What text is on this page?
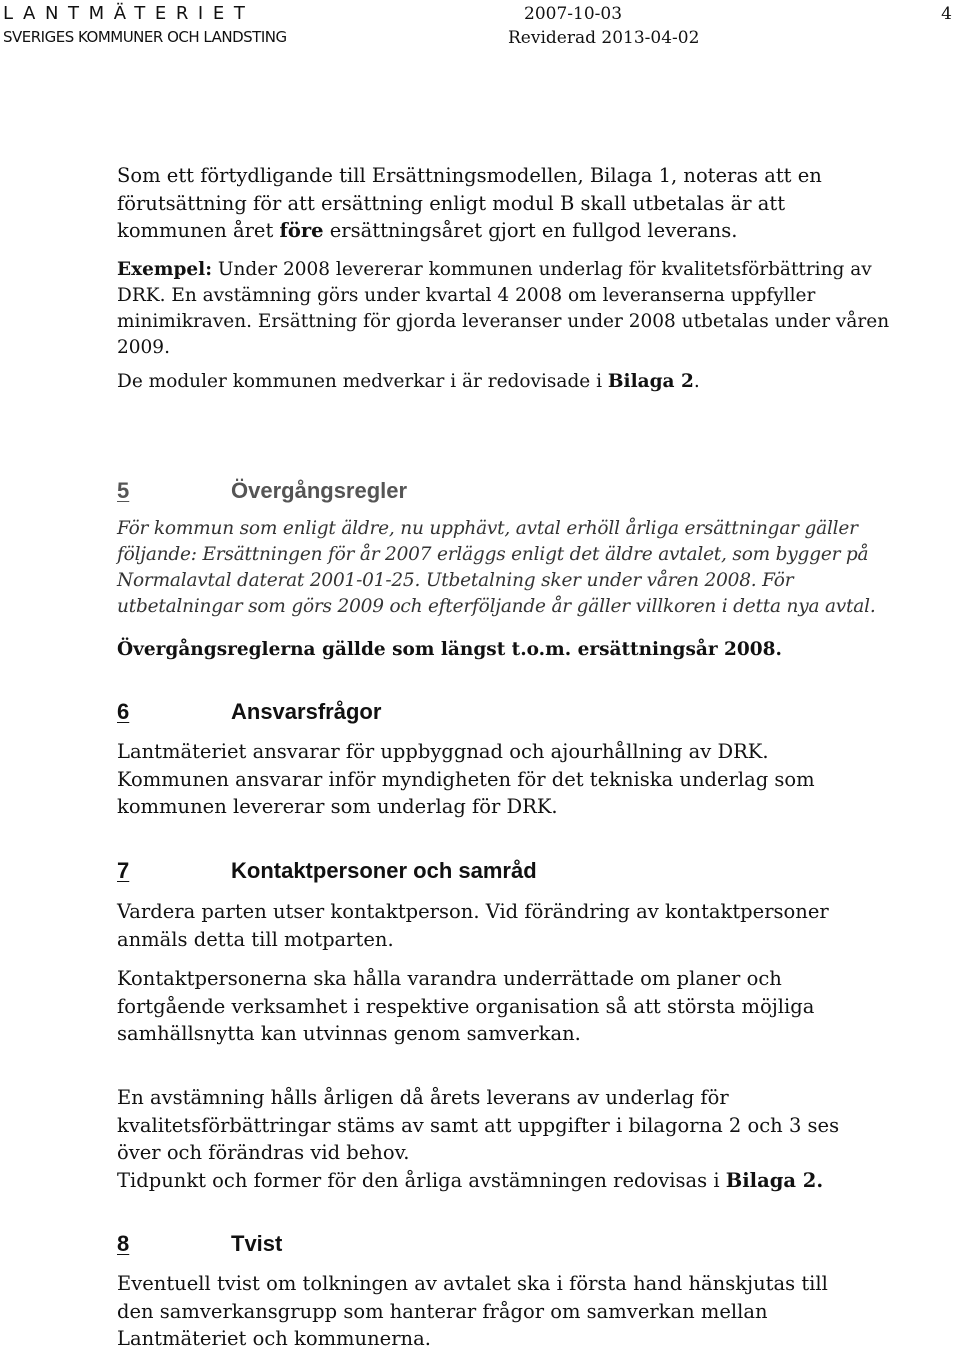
LANTMÄTERIET
SVERIGES KOMMUNER OCH LANDSTING
2007-10-03
Reviderad 2013-04-02
4
Som ett förtydligande till Ersättningsmodellen, Bilaga 1, noteras att en
förutsättning för att ersättning enligt modul B skall utbetalas är att
kommunen året före ersättningsåret gjort en fullgod leverans.
Exempel: Under 2008 levererar kommunen underlag för kvalitetsförbättring av
DRK. En avstämning görs under kvartal 4 2008 om leveranserna uppfyller
minimikraven. Ersättning för gjorda leveranser under 2008 utbetalas under våren
2009.
De moduler kommunen medverkar i är redovisade i Bilaga 2.
5	Övergångsregler
För kommun som enligt äldre, nu upphävt, avtal erhöll årliga ersättningar gäller
följande: Ersättningen för år 2007 erläggs enligt det äldre avtalet, som bygger på
Normalavtal daterat 2001-01-25. Utbetalning sker under våren 2008. För
utbetalningar som görs 2009 och efterföljande år gäller villkoren i detta nya avtal.
Övergångsreglerna gällde som längst t.o.m. ersättningsår 2008.
6	Ansvarsfrågor
Lantmäteriet ansvarar för uppbyggnad och ajourhållning av DRK.
Kommunen ansvarar inför myndigheten för det tekniska underlag som
kommunen levererar som underlag för DRK.
7	Kontaktpersoner och samråd
Vardera parten utser kontaktperson. Vid förändring av kontaktpersoner
anmäls detta till motparten.
Kontaktpersonerna ska hålla varandra underrättade om planer och
fortgående verksamhet i respektive organisation så att största möjliga
samhällsnytta kan utvinnas genom samverkan.
En avstämning hålls årligen då årets leverans av underlag för
kvalitetsförbättringar stäms av samt att uppgifter i bilagorna 2 och 3 ses
över och förändras vid behov.
Tidpunkt och former för den årliga avstämningen redovisas i Bilaga 2.
8	Tvist
Eventuell tvist om tolkningen av avtalet ska i första hand hänskjutas till
den samverkansgrupp som hanterar frågor om samverkan mellan
Lantmäteriet och kommunerna.
